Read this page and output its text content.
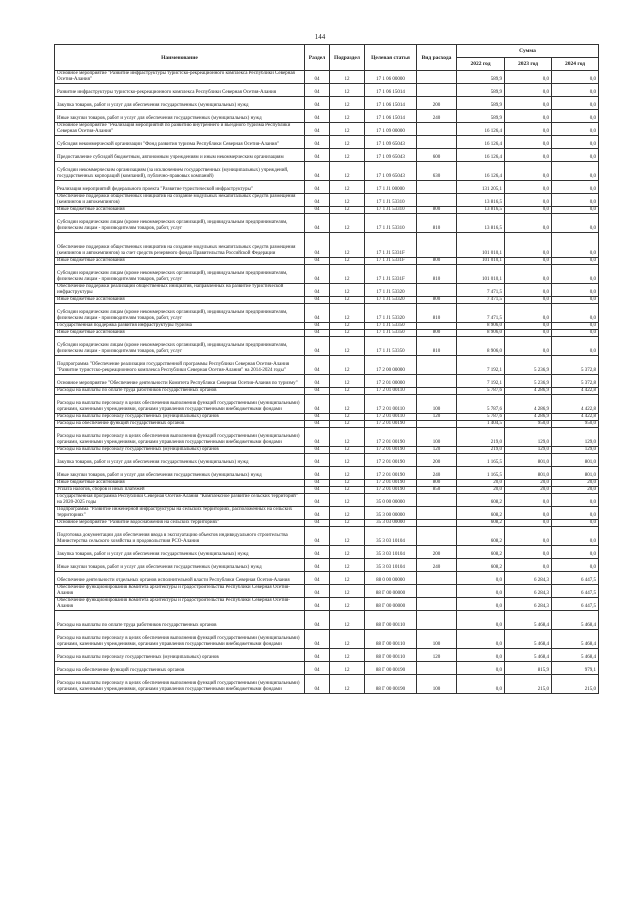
144
Наименование	Раздел	Подраздел	Целевая статья	Вид расхода	Сумма		
					2022 год	2023 год	2024 год
Основное мероприятие "Развитие инфраструктуры туристско-рекреационного комплекса Республики Северная Осетия-Алания"	04	12	17 1 06 00000		589,9	0,0	0,0
Развитие инфраструктуры туристско-рекреационного комплекса Республики Северная Осетия-Алания	04	12	17 1 06 15014		589,9	0,0	0,0
Закупка товаров, работ и услуг для обеспечения государственных (муниципальных) нужд	04	12	17 1 06 15014	200	589,9	0,0	0,0
Иные закупки товаров, работ и услуг для обеспечения государственных (муниципальных) нужд	04	12	17 1 06 15014	240	589,9	0,0	0,0
Основное мероприятие "Реализация мероприятий по развитию внутреннего и въездного туризма Республики Северная Осетия-Алания"	04	12	17 1 09 00000		16 126,4	0,0	0,0
Субсидия некоммерческой организации "Фонд развития туризма Республики Северная Осетия-Алания"	04	12	17 1 09 65043		16 126,4	0,0	0,0
Предоставление субсидий бюджетным, автономным учреждениям и иным некоммерческим организациям	04	12	17 1 09 65043	600	16 126,4	0,0	0,0
Субсидии некоммерческим организациям (за исключением государственных (муниципальных) учреждений, государственных корпораций (компаний), публично-правовых компаний)	04	12	17 1 09 65043	630	16 126,4	0,0	0,0
Реализация мероприятий федерального проекта "Развитие туристической инфраструктуры"	04	12	17 1 J1 00000		131 205,1	0,0	0,0
Обеспечение поддержки общественных инициатив на создание модульных некапитальных средств размещения (кемпингов и автокемпингов)	04	12	17 1 J1 53310		13 816,5	0,0	0,0
Иные бюджетные ассигнования	04	12	17 1 J1 53310	800	13 816,5	0,0	0,0
Субсидии юридическим лицам (кроме некоммерческих организаций), индивидуальным предпринимателям, физическим лицам - производителям товаров, работ, услуг	04	12	17 1 J1 53310	810	13 816,5	0,0	0,0
Обеспечение поддержки общественных инициатив на создание модульных некапитальных средств размещения (кемпингов и автокемпингов) за счет средств резервного фонда Правительства Российской Федерации	04	12	17 1 J1 5331F		101 010,1	0,0	0,0
Иные бюджетные ассигнования	04	12	17 1 J1 5331F	800	101 010,1	0,0	0,0
Субсидии юридическим лицам (кроме некоммерческих организаций), индивидуальным предпринимателям, физическим лицам - производителям товаров, работ, услуг	04	12	17 1 J1 5331F	810	101 010,1	0,0	0,0
Обеспечение поддержки реализации общественных инициатив, направленных на развитие туристической инфраструктуры	04	12	17 1 J1 53320		7 471,5	0,0	0,0
Иные бюджетные ассигнования	04	12	17 1 J1 53320	800	7 471,5	0,0	0,0
Субсидии юридическим лицам (кроме некоммерческих организаций), индивидуальным предпринимателям, физическим лицам - производителям товаров, работ, услуг	04	12	17 1 J1 53320	810	7 471,5	0,0	0,0
Государственная поддержка развития инфраструктуры туризма	04	12	17 1 J1 53350		8 906,0	0,0	0,0
Иные бюджетные ассигнования	04	12	17 1 J1 53350	800	8 906,0	0,0	0,0
Субсидии юридическим лицам (кроме некоммерческих организаций), индивидуальным предпринимателям, физическим лицам - производителям товаров, работ, услуг	04	12	17 1 J1 53350	810	8 906,0	0,0	0,0
Подпрограмма "Обеспечение реализации государственной программы Республики Северная Осетия-Алания "Развитие туристско-рекреационного комплекса Республики Северная Осетия-Алания" на 2014-2024 годы"	04	12	17 2 00 00000		7 192,1	5 236,9	5 372,8
Основное мероприятие "Обеспечение деятельности Комитета Республики Северная Осетия-Алания по туризму"	04	12	17 2 01 00000		7 192,1	5 236,9	5 372,8
Расходы на выплаты по оплате труда работников государственных органов	04	12	17 2 01 00110		5 787,6	4 286,9	4 422,8
Расходы на выплаты персоналу в целях обеспечения выполнения функций государственными (муниципальными) органами, казенными учреждениями, органами управления государственными внебюджетными фондами	04	12	17 2 01 00110	100	5 787,6	4 286,9	4 422,8
Расходы на выплаты персоналу государственных (муниципальных) органов	04	12	17 2 01 00110	120	5 787,6	4 286,9	4 422,8
Расходы на обеспечение функций государственных органов	04	12	17 2 01 00190		1 404,5	950,0	950,0
Расходы на выплаты персоналу в целях обеспечения выполнения функций государственными (муниципальными) органами, казенными учреждениями, органами управления государственными внебюджетными фондами	04	12	17 2 01 00190	100	219,0	129,0	129,0
Расходы на выплаты персоналу государственных (муниципальных) органов	04	12	17 2 01 00190	120	219,0	129,0	129,0
Закупка товаров, работ и услуг для обеспечения государственных (муниципальных) нужд	04	12	17 2 01 00190	200	1 165,5	801,0	801,0
Иные закупки товаров, работ и услуг для обеспечения государственных (муниципальных) нужд	04	12	17 2 01 00190	240	1 165,5	801,0	801,0
Иные бюджетные ассигнования	04	12	17 2 01 00190	800	20,0	20,0	20,0
Уплата налогов, сборов и иных платежей	04	12	17 2 01 00190	850	20,0	20,0	20,0
Государственная программа Республики Северная Осетия-Алания "Комплексное развитие сельских территорий" на 2020-2025 годы	04	12	35 0 00 00000		608,2	0,0	0,0
Подпрограмма "Развитие инженерной инфраструктуры на сельских территориях, расположенных на сельских территориях"	04	12	35 3 00 00000		608,2	0,0	0,0
Основное мероприятие "Развитие водоснабжения на сельских территориях"	04	12	35 3 03 00000		608,2	0,0	0,0
Подготовка документации для обеспечения ввода в эксплуатацию объектов индивидуального строительства Министерства сельского хозяйства и продовольствия РСО-Алания	04	12	35 3 03 10104		608,2	0,0	0,0
Закупка товаров, работ и услуг для обеспечения государственных (муниципальных) нужд	04	12	35 3 03 10104	200	608,2	0,0	0,0
Иные закупки товаров, работ и услуг для обеспечения государственных (муниципальных) нужд	04	12	35 3 03 10104	240	608,2	0,0	0,0
Обеспечение деятельности отдельных органов исполнительной власти Республики Северная Осетия-Алания	04	12	88 0 00 00000		0,0	6 284,3	6 447,5
Обеспечение функционирования Комитета архитектуры и градостроительства Республики Северная Осетия-Алания	04	12	88 Г 00 00000		0,0	6 284,3	6 447,5
Обеспечение функционирования Комитета архитектуры и градостроительства Республики Северная Осетия-Алания	04	12	88 Г 00 00000		0,0	6 284,3	6 447,5
Расходы на выплаты по оплате труда работников государственных органов	04	12	88 Г 00 00110		0,0	5 468,4	5 468,4
Расходы на выплаты персоналу в целях обеспечения выполнения функций государственными (муниципальными) органами, казенными учреждениями, органами управления государственными внебюджетными фондами	04	12	88 Г 00 00110	100	0,0	5 468,4	5 468,4
Расходы на выплаты персоналу государственных (муниципальных) органов	04	12	88 Г 00 00110	120	0,0	5 468,4	5 468,4
Расходы на обеспечение функций государственных органов	04	12	88 Г 00 00190		0,0	815,9	979,1
Расходы на выплаты персоналу в целях обеспечения выполнения функций государственными (муниципальными) органами, казенными учреждениями, органами управления государственными внебюджетными фондами	04	12	88 Г 00 00190	100	0,0	215,0	215,0
